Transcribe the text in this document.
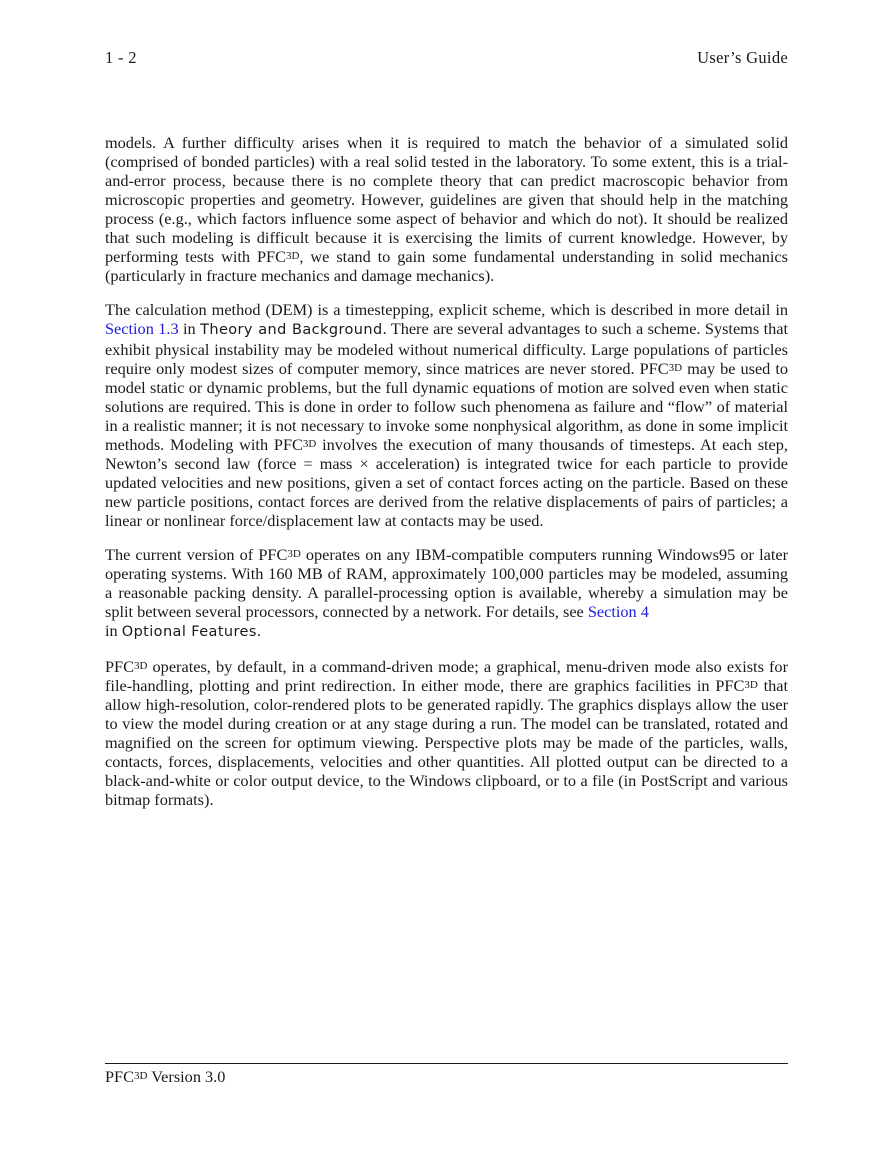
1 - 2	User’s Guide

models. A further difficulty arises when it is required to match the behavior of a simulated solid (comprised of bonded particles) with a real solid tested in the laboratory. To some extent, this is a trial-and-error process, because there is no complete theory that can predict macroscopic behavior from microscopic properties and geometry. However, guidelines are given that should help in the matching process (e.g., which factors influence some aspect of behavior and which do not). It should be realized that such modeling is difficult because it is exercising the limits of current knowledge. However, by performing tests with $PFC^{3D}$, we stand to gain some fundamental understanding in solid mechanics (particularly in fracture mechanics and damage mechanics).

The calculation method (DEM) is a timestepping, explicit scheme, which is described in more detail in Section 1.3 in Theory and Background. There are several advantages to such a scheme. Systems that exhibit physical instability may be modeled without numerical difficulty. Large populations of particles require only modest sizes of computer memory, since matrices are never stored. $PFC^{3D}$ may be used to model static or dynamic problems, but the full dynamic equations of motion are solved even when static solutions are required. This is done in order to follow such phenomena as failure and “flow” of material in a realistic manner; it is not necessary to invoke some nonphysical algorithm, as done in some implicit methods. Modeling with $PFC^{3D}$ involves the execution of many thousands of timesteps. At each step, Newton’s second law (force = mass × acceleration) is integrated twice for each particle to provide updated velocities and new positions, given a set of contact forces acting on the particle. Based on these new particle positions, contact forces are derived from the relative displacements of pairs of particles; a linear or nonlinear force/displacement law at contacts may be used.

The current version of $PFC^{3D}$ operates on any IBM-compatible computers running Windows95 or later operating systems. With 160 MB of RAM, approximately 100,000 particles may be modeled, assuming a reasonable packing density. A parallel-processing option is available, whereby a simulation may be split between several processors, connected by a network. For details, see Section 4
in Optional Features.

$PFC^{3D}$ operates, by default, in a command-driven mode; a graphical, menu-driven mode also exists for file-handling, plotting and print redirection. In either mode, there are graphics facilities in $PFC^{3D}$ that allow high-resolution, color-rendered plots to be generated rapidly. The graphics displays allow the user to view the model during creation or at any stage during a run. The model can be translated, rotated and magnified on the screen for optimum viewing. Perspective plots may be made of the particles, walls, contacts, forces, displacements, velocities and other quantities. All plotted output can be directed to a black-and-white or color output device, to the Windows clipboard, or to a file (in PostScript and various bitmap formats).

$PFC^{3D}$ Version 3.0
